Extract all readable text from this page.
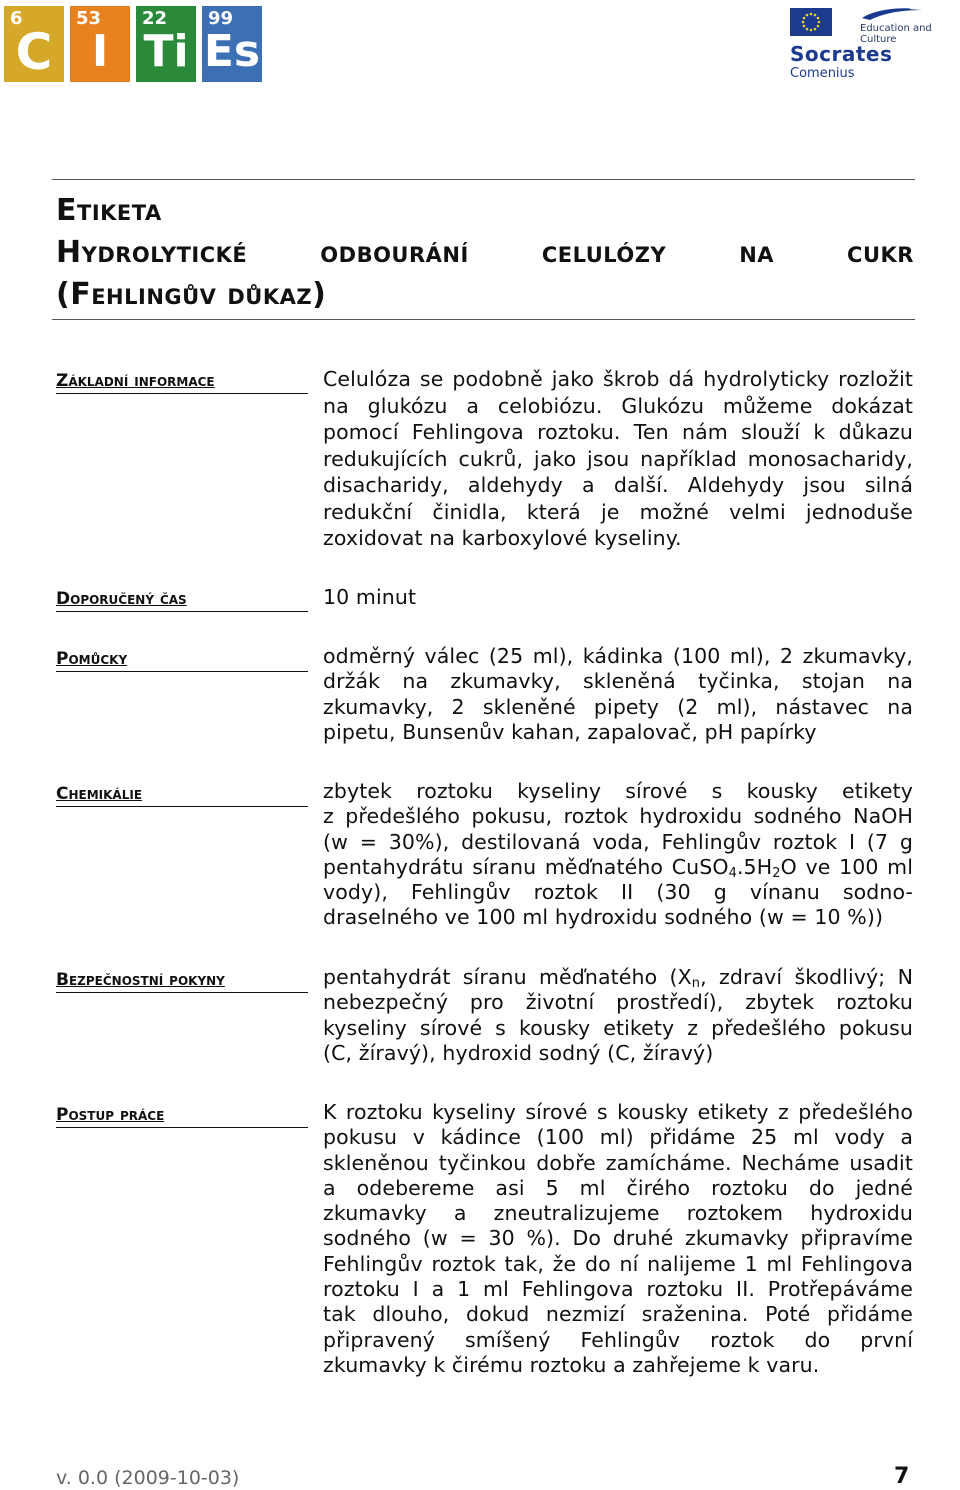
6
C
53
I
22
Ti
99
Es	Education and Culture
Socrates
Comenius
Etiketa
Hydrolytické odbourání celulózy na cukr
(Fehlingův důkaz)
Základní informace	Celulóza se podobně jako škrob dá hydrolyticky rozložit
na glukózu a celobiózu. Glukózu můžeme dokázat
pomocí Fehlingova roztoku. Ten nám slouží k důkazu
redukujících cukrů, jako jsou například monosacharidy,
disacharidy, aldehydy a další. Aldehydy jsou silná
redukční činidla, která je možné velmi jednoduše
zoxidovat na karboxylové kyseliny.
Doporučený čas	10 minut
Pomůcky	odměrný válec (25 ml), kádinka (100 ml), 2 zkumavky,
držák na zkumavky, skleněná tyčinka, stojan na
zkumavky, 2 skleněné pipety (2 ml), nástavec na
pipetu, Bunsenův kahan, zapalovač, pH papírky
Chemikálie	zbytek roztoku kyseliny sírové s kousky etikety
z předešlého pokusu, roztok hydroxidu sodného NaOH
(w = 30%), destilovaná voda, Fehlingův roztok I (7 g
pentahydrátu síranu měďnatého $CuSO_4.5H_2O$ ve 100 ml
vody), Fehlingův roztok II (30 g vínanu sodno-
draselného ve 100 ml hydroxidu sodného (w = 10 %))
Bezpečnostní pokyny	pentahydrát síranu měďnatého ($X_n$, zdraví škodlivý; N
nebezpečný pro životní prostředí), zbytek roztoku
kyseliny sírové s kousky etikety z předešlého pokusu
(C, žíravý), hydroxid sodný (C, žíravý)
Postup práce	K roztoku kyseliny sírové s kousky etikety z předešlého
pokusu v kádince (100 ml) přidáme 25 ml vody a
skleněnou tyčinkou dobře zamícháme. Necháme usadit
a odebereme asi 5 ml čirého roztoku do jedné
zkumavky a zneutralizujeme roztokem hydroxidu
sodného (w = 30 %). Do druhé zkumavky připravíme
Fehlingův roztok tak, že do ní nalijeme 1 ml Fehlingova
roztoku I a 1 ml Fehlingova roztoku II. Protřepáváme
tak dlouho, dokud nezmizí sraženina. Poté přidáme
připravený smíšený Fehlingův roztok do první
zkumavky k čirému roztoku a zahřejeme k varu.
v. 0.0 (2009-10-03)	7
